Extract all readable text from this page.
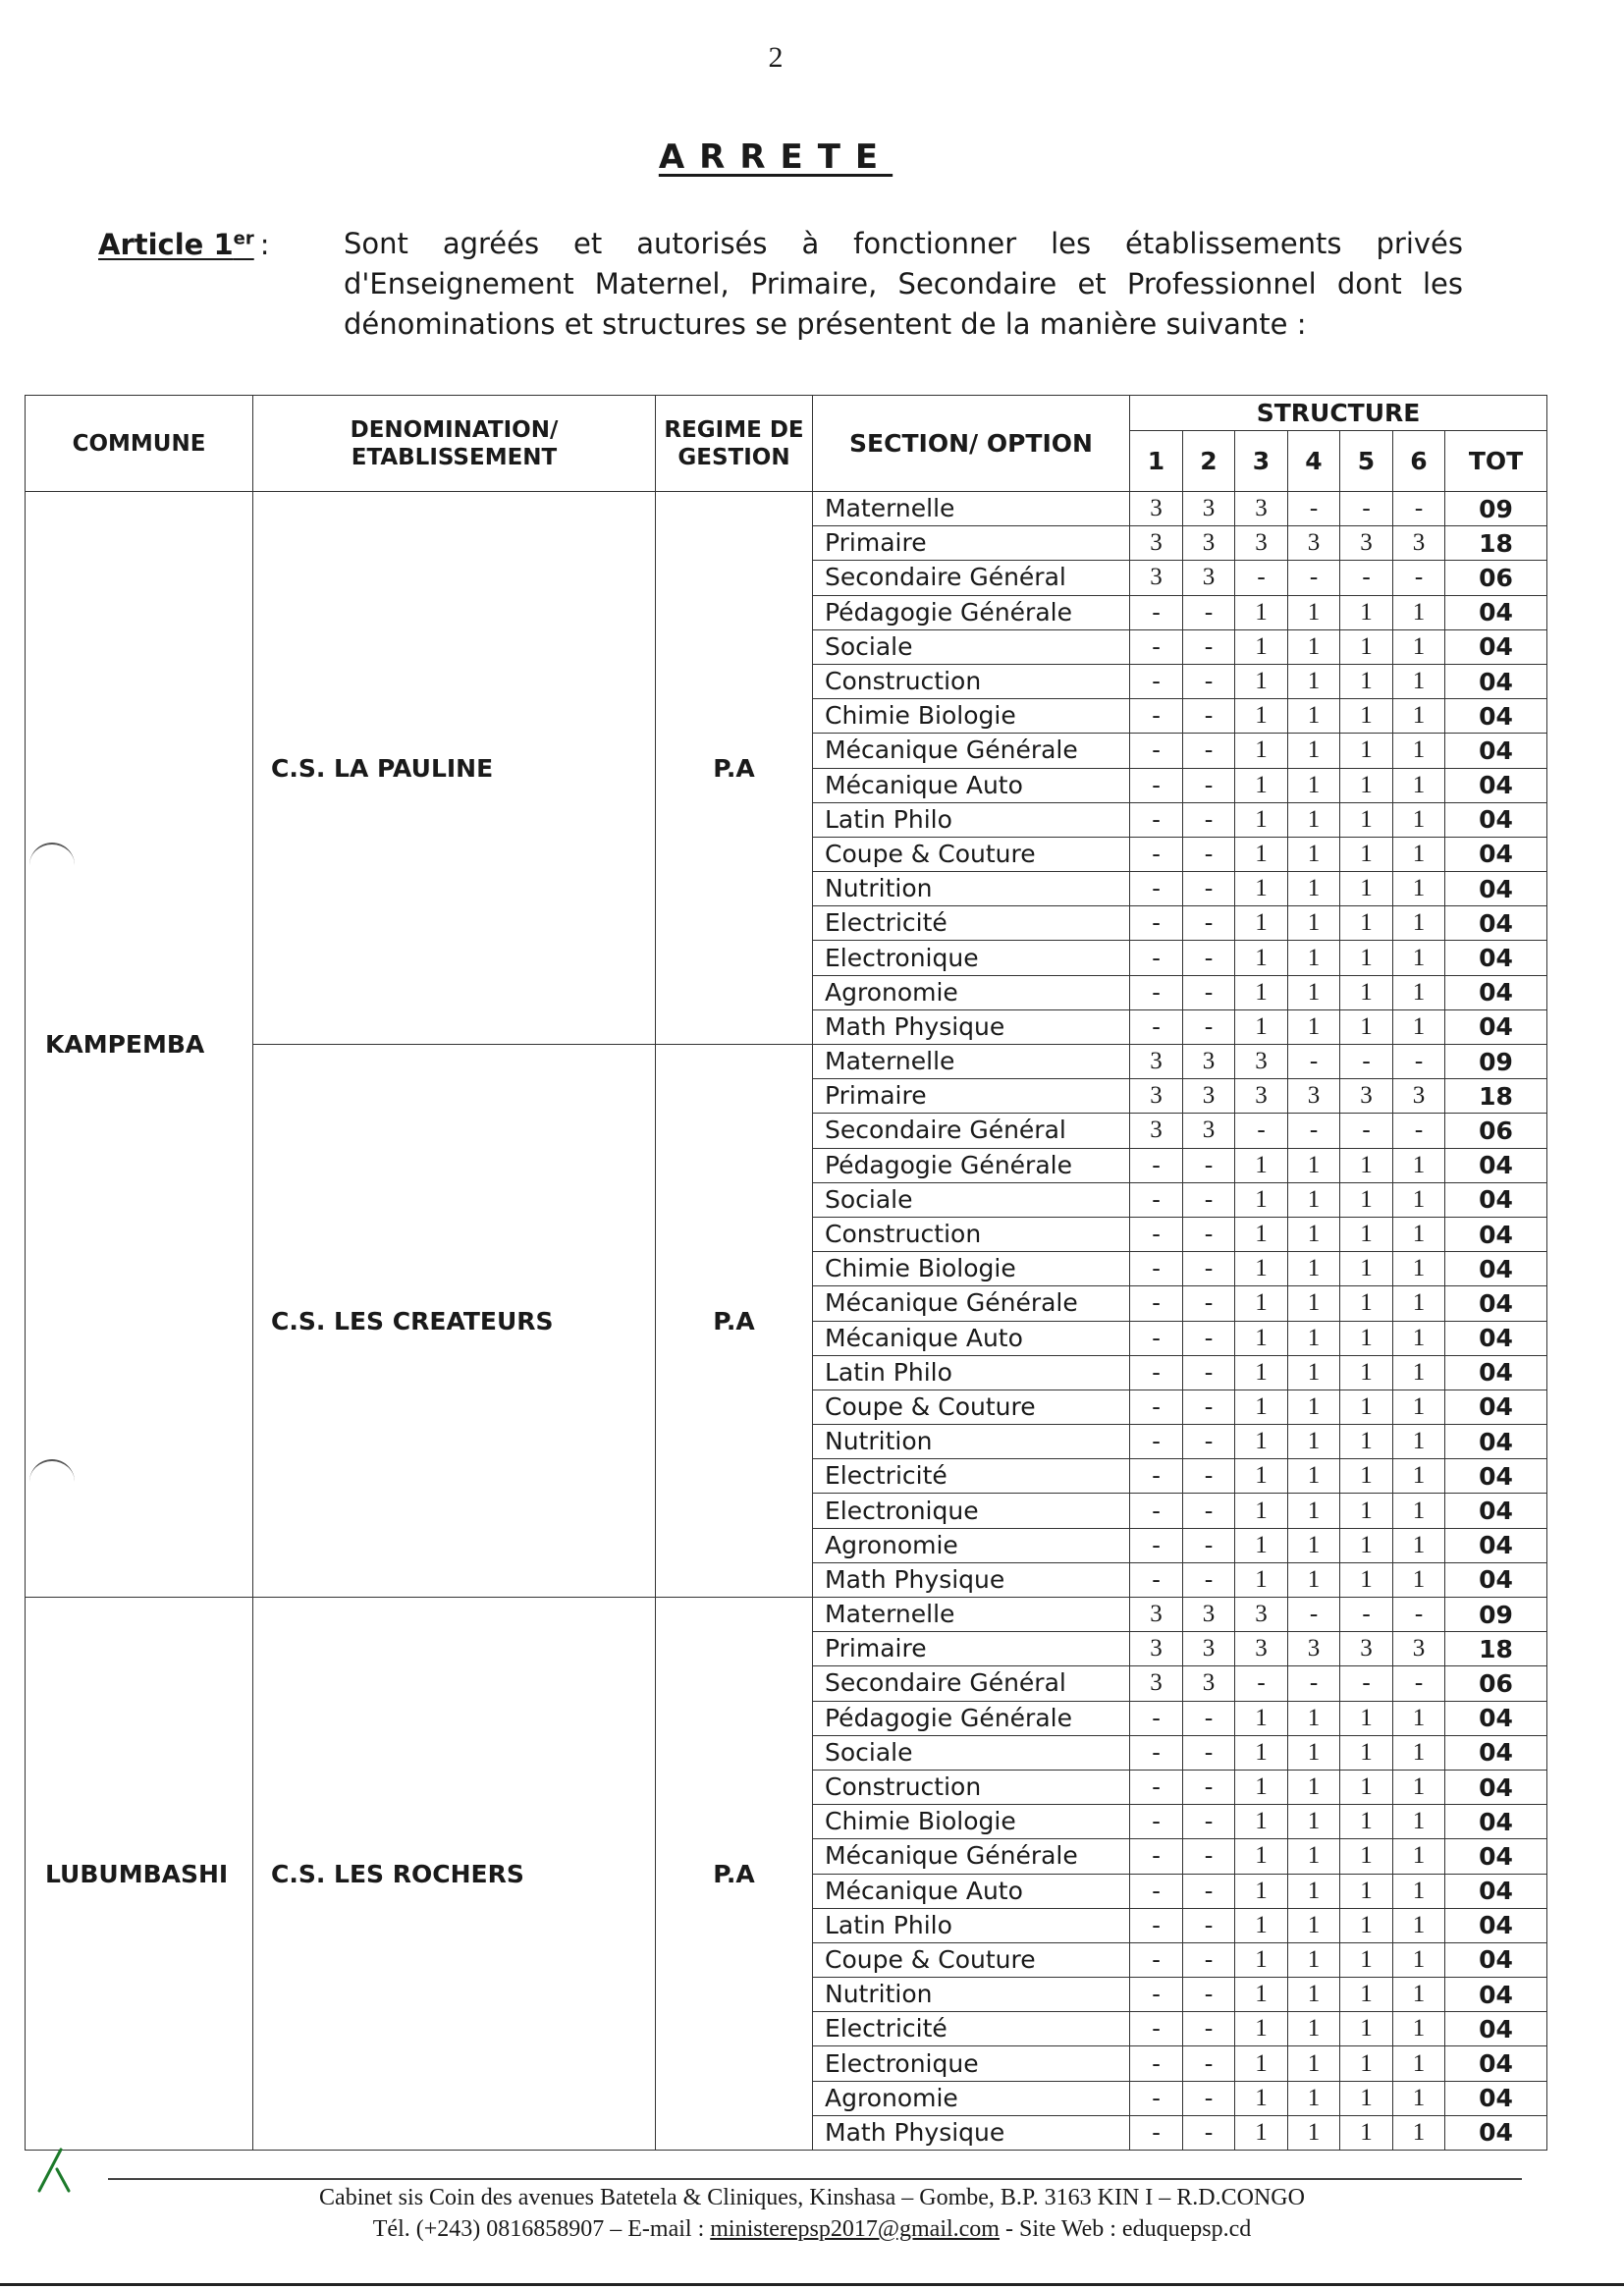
2
ARRETE
Article 1er :	Sont agréés et autorisés à fonctionner les établissements privés d'Enseignement Maternel, Primaire, Secondaire et Professionnel dont les dénominations et structures se présentent de la manière suivante :
COMMUNE	DENOMINATION/ ETABLISSEMENT	REGIME DE GESTION	SECTION/ OPTION	STRUCTURE						
				1	2	3	4	5	6	TOT
KAMPEMBA	C.S. LA PAULINE	P.A	Maternelle	3	3	3	-	-	-	09
			Primaire	3	3	3	3	3	3	18
			Secondaire Général	3	3	-	-	-	-	06
			Pédagogie Générale	-	-	1	1	1	1	04
			Sociale	-	-	1	1	1	1	04
			Construction	-	-	1	1	1	1	04
			Chimie Biologie	-	-	1	1	1	1	04
			Mécanique Générale	-	-	1	1	1	1	04
			Mécanique Auto	-	-	1	1	1	1	04
			Latin Philo	-	-	1	1	1	1	04
			Coupe & Couture	-	-	1	1	1	1	04
			Nutrition	-	-	1	1	1	1	04
			Electricité	-	-	1	1	1	1	04
			Electronique	-	-	1	1	1	1	04
			Agronomie	-	-	1	1	1	1	04
			Math Physique	-	-	1	1	1	1	04
	C.S. LES CREATEURS	P.A	Maternelle	3	3	3	-	-	-	09
			Primaire	3	3	3	3	3	3	18
			Secondaire Général	3	3	-	-	-	-	06
			Pédagogie Générale	-	-	1	1	1	1	04
			Sociale	-	-	1	1	1	1	04
			Construction	-	-	1	1	1	1	04
			Chimie Biologie	-	-	1	1	1	1	04
			Mécanique Générale	-	-	1	1	1	1	04
			Mécanique Auto	-	-	1	1	1	1	04
			Latin Philo	-	-	1	1	1	1	04
			Coupe & Couture	-	-	1	1	1	1	04
			Nutrition	-	-	1	1	1	1	04
			Electricité	-	-	1	1	1	1	04
			Electronique	-	-	1	1	1	1	04
			Agronomie	-	-	1	1	1	1	04
			Math Physique	-	-	1	1	1	1	04
LUBUMBASHI	C.S. LES ROCHERS	P.A	Maternelle	3	3	3	-	-	-	09
			Primaire	3	3	3	3	3	3	18
			Secondaire Général	3	3	-	-	-	-	06
			Pédagogie Générale	-	-	1	1	1	1	04
			Sociale	-	-	1	1	1	1	04
			Construction	-	-	1	1	1	1	04
			Chimie Biologie	-	-	1	1	1	1	04
			Mécanique Générale	-	-	1	1	1	1	04
			Mécanique Auto	-	-	1	1	1	1	04
			Latin Philo	-	-	1	1	1	1	04
			Coupe & Couture	-	-	1	1	1	1	04
			Nutrition	-	-	1	1	1	1	04
			Electricité	-	-	1	1	1	1	04
			Electronique	-	-	1	1	1	1	04
			Agronomie	-	-	1	1	1	1	04
			Math Physique	-	-	1	1	1	1	04
Cabinet sis Coin des avenues Batetela & Cliniques, Kinshasa – Gombe, B.P. 3163 KIN I – R.D.CONGO
Tél. (+243) 0816858907 – E-mail : ministerepsp2017@gmail.com - Site Web : eduquepsp.cd
